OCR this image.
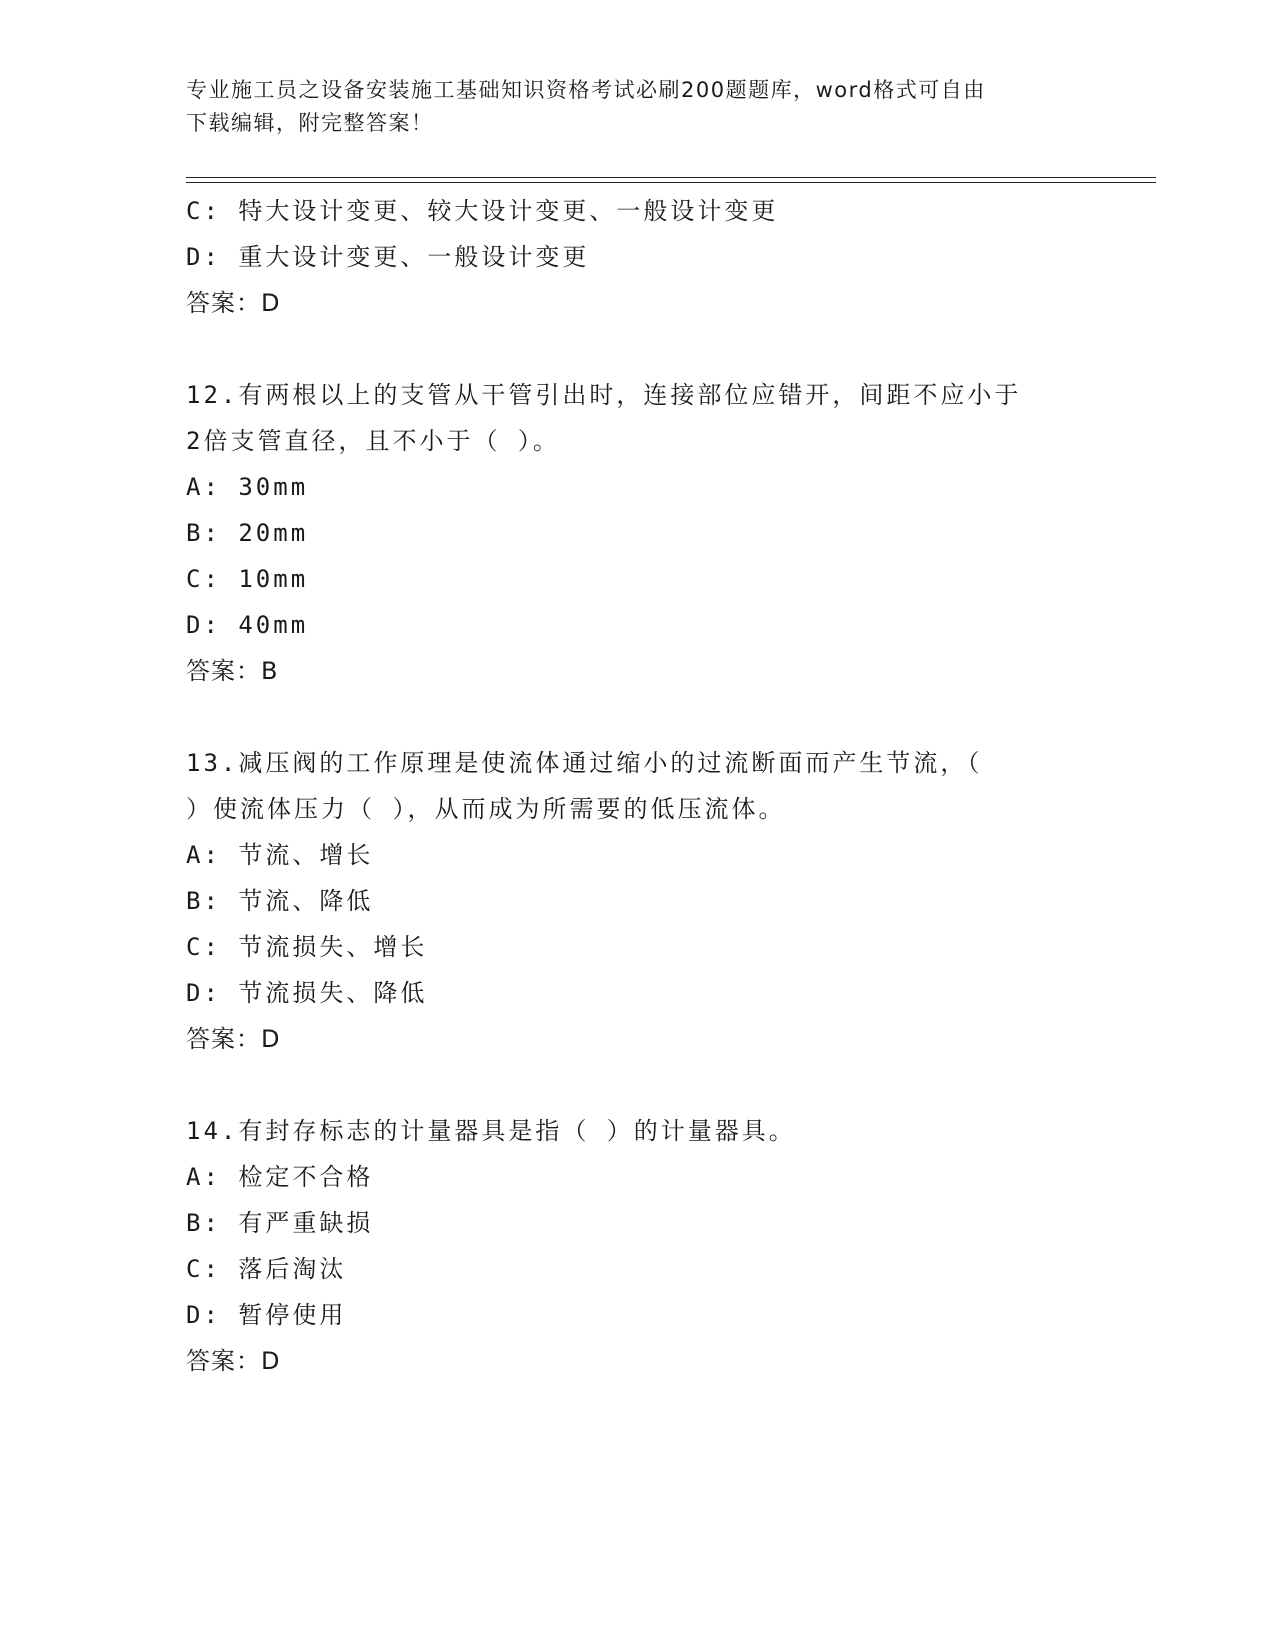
专业施工员之设备安装施工基础知识资格考试必刷200题题库，word格式可自由
下载编辑，附完整答案！
C: 特大设计变更、较大设计变更、一般设计变更
D: 重大设计变更、一般设计变更
答案：D
12.有两根以上的支管从干管引出时，连接部位应错开，间距不应小于
2倍支管直径，且不小于（ ）。
A: 30mm
B: 20mm
C: 10mm
D: 40mm
答案：B
13.减压阀的工作原理是使流体通过缩小的过流断面而产生节流，（
）使流体压力（ ），从而成为所需要的低压流体。
A: 节流、增长
B: 节流、降低
C: 节流损失、增长
D: 节流损失、降低
答案：D
14.有封存标志的计量器具是指（ ）的计量器具。
A: 检定不合格
B: 有严重缺损
C: 落后淘汰
D: 暂停使用
答案：D
